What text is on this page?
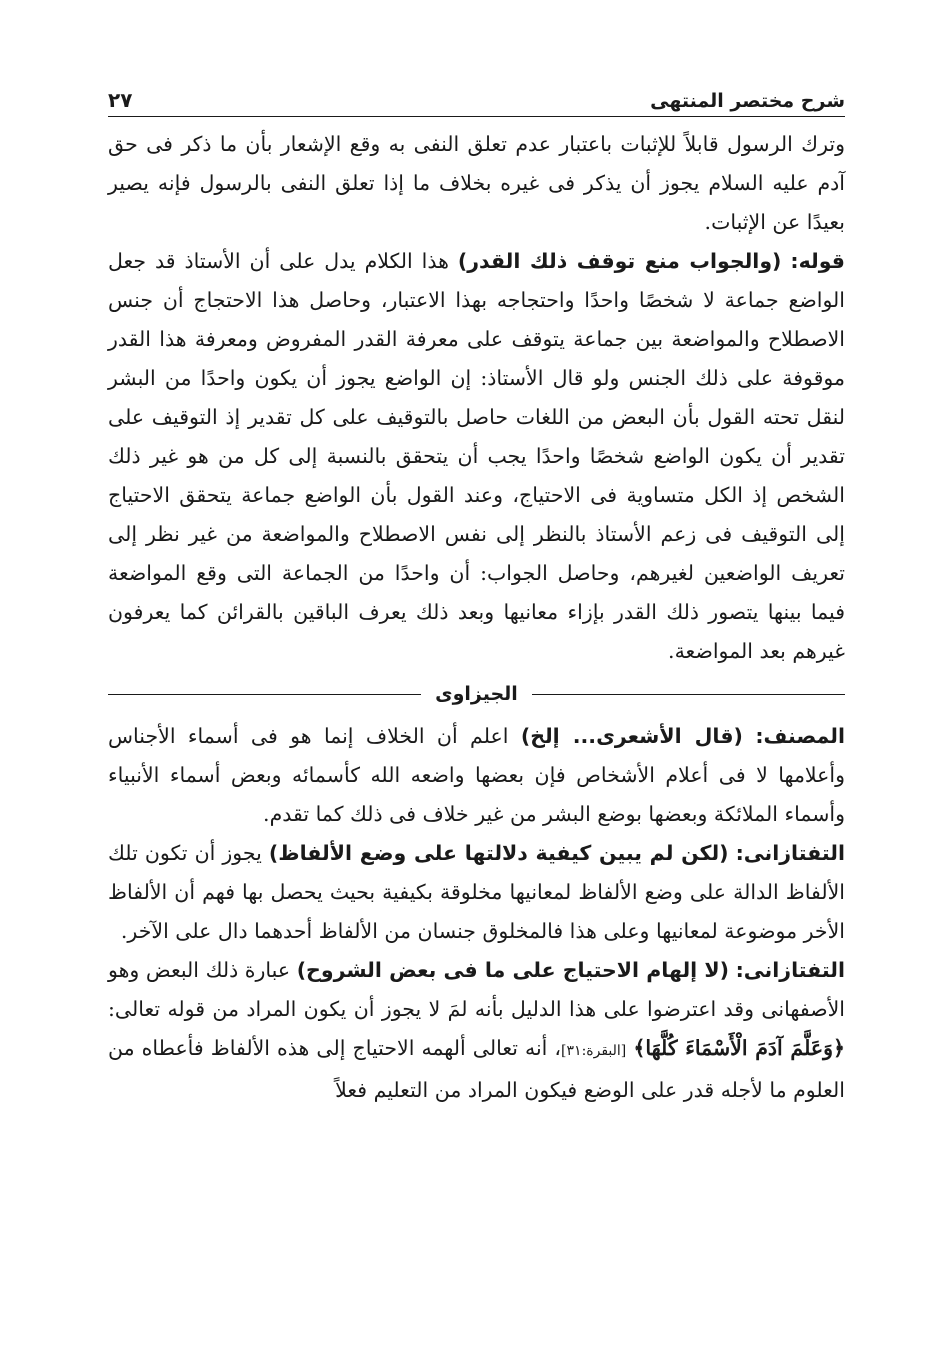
شرح مختصر المنتهى
٢٧

وترك الرسول قابلاً للإثبات باعتبار عدم تعلق النفى به وقع الإشعار بأن ما ذكر فى حق آدم عليه السلام يجوز أن يذكر فى غيره بخلاف ما إذا تعلق النفى بالرسول فإنه يصير بعيدًا عن الإثبات.

قوله: (والجواب منع توقف ذلك القدر) هذا الكلام يدل على أن الأستاذ قد جعل الواضع جماعة لا شخصًا واحدًا واحتجاجه بهذا الاعتبار، وحاصل هذا الاحتجاج أن جنس الاصطلاح والمواضعة بين جماعة يتوقف على معرفة القدر المفروض ومعرفة هذا القدر موقوفة على ذلك الجنس ولو قال الأستاذ: إن الواضع يجوز أن يكون واحدًا من البشر لنقل تحته القول بأن البعض من اللغات حاصل بالتوقيف على كل تقدير إذ التوقيف على تقدير أن يكون الواضع شخصًا واحدًا يجب أن يتحقق بالنسبة إلى كل من هو غير ذلك الشخص إذ الكل متساوية فى الاحتياج، وعند القول بأن الواضع جماعة يتحقق الاحتياج إلى التوقيف فى زعم الأستاذ بالنظر إلى نفس الاصطلاح والمواضعة من غير نظر إلى تعريف الواضعين لغيرهم، وحاصل الجواب: أن واحدًا من الجماعة التى وقع المواضعة فيما بينها يتصور ذلك القدر بإزاء معانيها وبعد ذلك يعرف الباقين بالقرائن كما يعرفون غيرهم بعد المواضعة.

الجيزاوى

المصنف: (قال الأشعرى... إلخ) اعلم أن الخلاف إنما هو فى أسماء الأجناس وأعلامها لا فى أعلام الأشخاص فإن بعضها واضعه الله كأسمائه وبعض أسماء الأنبياء وأسماء الملائكة وبعضها بوضع البشر من غير خلاف فى ذلك كما تقدم.

التفتازانى: (لكن لم يبين كيفية دلالتها على وضع الألفاظ) يجوز أن تكون تلك الألفاظ الدالة على وضع الألفاظ لمعانيها مخلوقة بكيفية بحيث يحصل بها فهم أن الألفاظ الأخر موضوعة لمعانيها وعلى هذا فالمخلوق جنسان من الألفاظ أحدهما دال على الآخر.

التفتازانى: (لا إلهام الاحتياج على ما فى بعض الشروح) عبارة ذلك البعض وهو الأصفهانى وقد اعترضوا على هذا الدليل بأنه لمَ لا يجوز أن يكون المراد من قوله تعالى: ﴿وَعَلَّمَ آدَمَ الْأَسْمَاءَ كُلَّهَا﴾ [البقرة:٣١]، أنه تعالى ألهمه الاحتياج إلى هذه الألفاظ فأعطاه من العلوم ما لأجله قدر على الوضع فيكون المراد من التعليم فعلاً
